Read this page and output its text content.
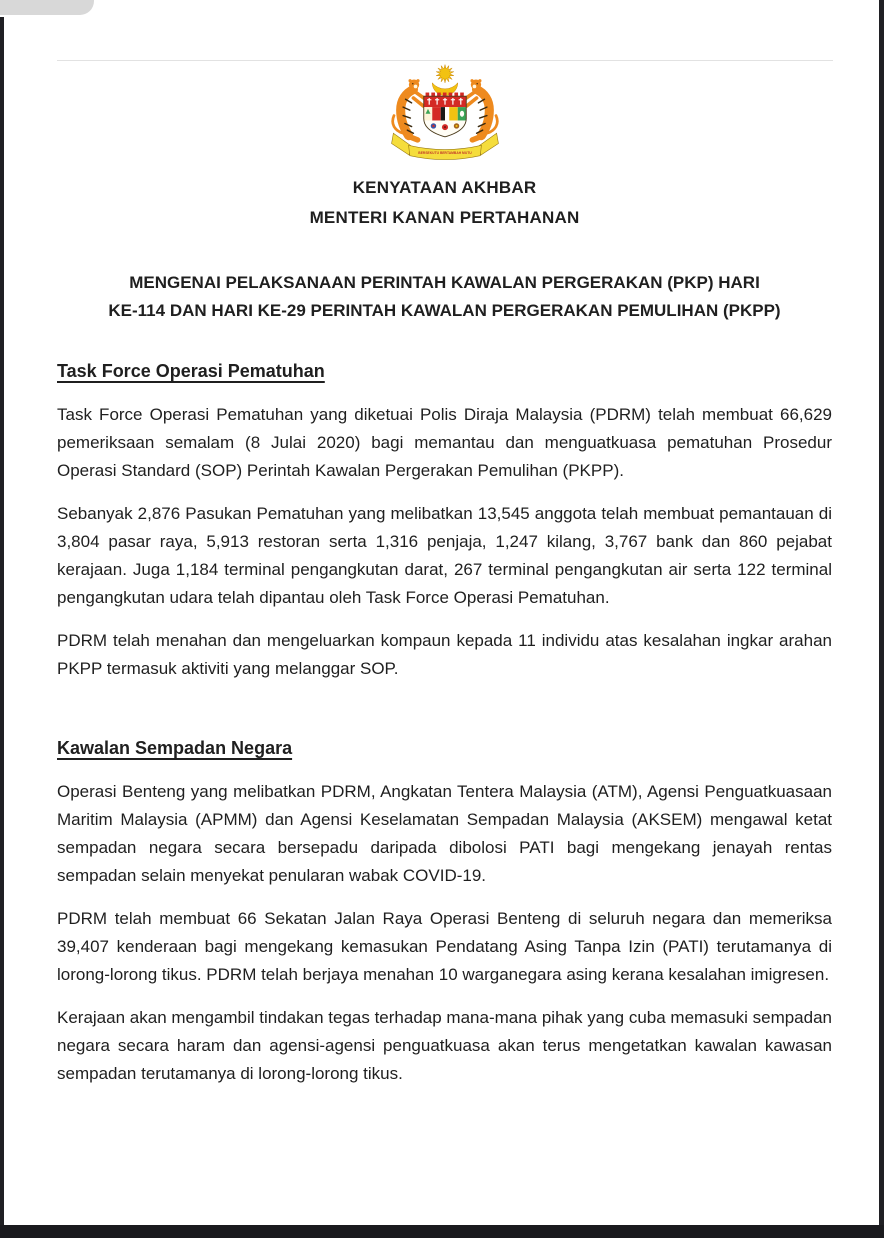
BERSEKUTU BERTAMBAH MUTU
KENYATAAN AKHBAR
MENTERI KANAN PERTAHANAN
MENGENAI PELAKSANAAN PERINTAH KAWALAN PERGERAKAN (PKP) HARI
KE-114 DAN HARI KE-29 PERINTAH KAWALAN PERGERAKAN PEMULIHAN (PKPP)
Task Force Operasi Pematuhan

Task Force Operasi Pematuhan yang diketuai Polis Diraja Malaysia (PDRM) telah membuat 66,629 pemeriksaan semalam (8 Julai 2020) bagi memantau dan menguatkuasa pematuhan Prosedur Operasi Standard (SOP) Perintah Kawalan Pergerakan Pemulihan (PKPP).

Sebanyak 2,876 Pasukan Pematuhan yang melibatkan 13,545 anggota telah membuat pemantauan di 3,804 pasar raya, 5,913 restoran serta 1,316 penjaja, 1,247 kilang, 3,767 bank dan 860 pejabat kerajaan. Juga 1,184 terminal pengangkutan darat, 267 terminal pengangkutan air serta 122 terminal pengangkutan udara telah dipantau oleh Task Force Operasi Pematuhan.

PDRM telah menahan dan mengeluarkan kompaun kepada 11 individu atas kesalahan ingkar arahan PKPP termasuk aktiviti yang melanggar SOP.

Kawalan Sempadan Negara

Operasi Benteng yang melibatkan PDRM, Angkatan Tentera Malaysia (ATM), Agensi Penguatkuasaan Maritim Malaysia (APMM) dan Agensi Keselamatan Sempadan Malaysia (AKSEM) mengawal ketat sempadan negara secara bersepadu daripada dibolosi PATI bagi mengekang jenayah rentas sempadan selain menyekat penularan wabak COVID-19.

PDRM telah membuat 66 Sekatan Jalan Raya Operasi Benteng di seluruh negara dan memeriksa 39,407 kenderaan bagi mengekang kemasukan Pendatang Asing Tanpa Izin (PATI) terutamanya di lorong-lorong tikus. PDRM telah berjaya menahan 10 warganegara asing kerana kesalahan imigresen.

Kerajaan akan mengambil tindakan tegas terhadap mana-mana pihak yang cuba memasuki sempadan negara secara haram dan agensi-agensi penguatkuasa akan terus mengetatkan kawalan kawasan sempadan terutamanya di lorong-lorong tikus.
